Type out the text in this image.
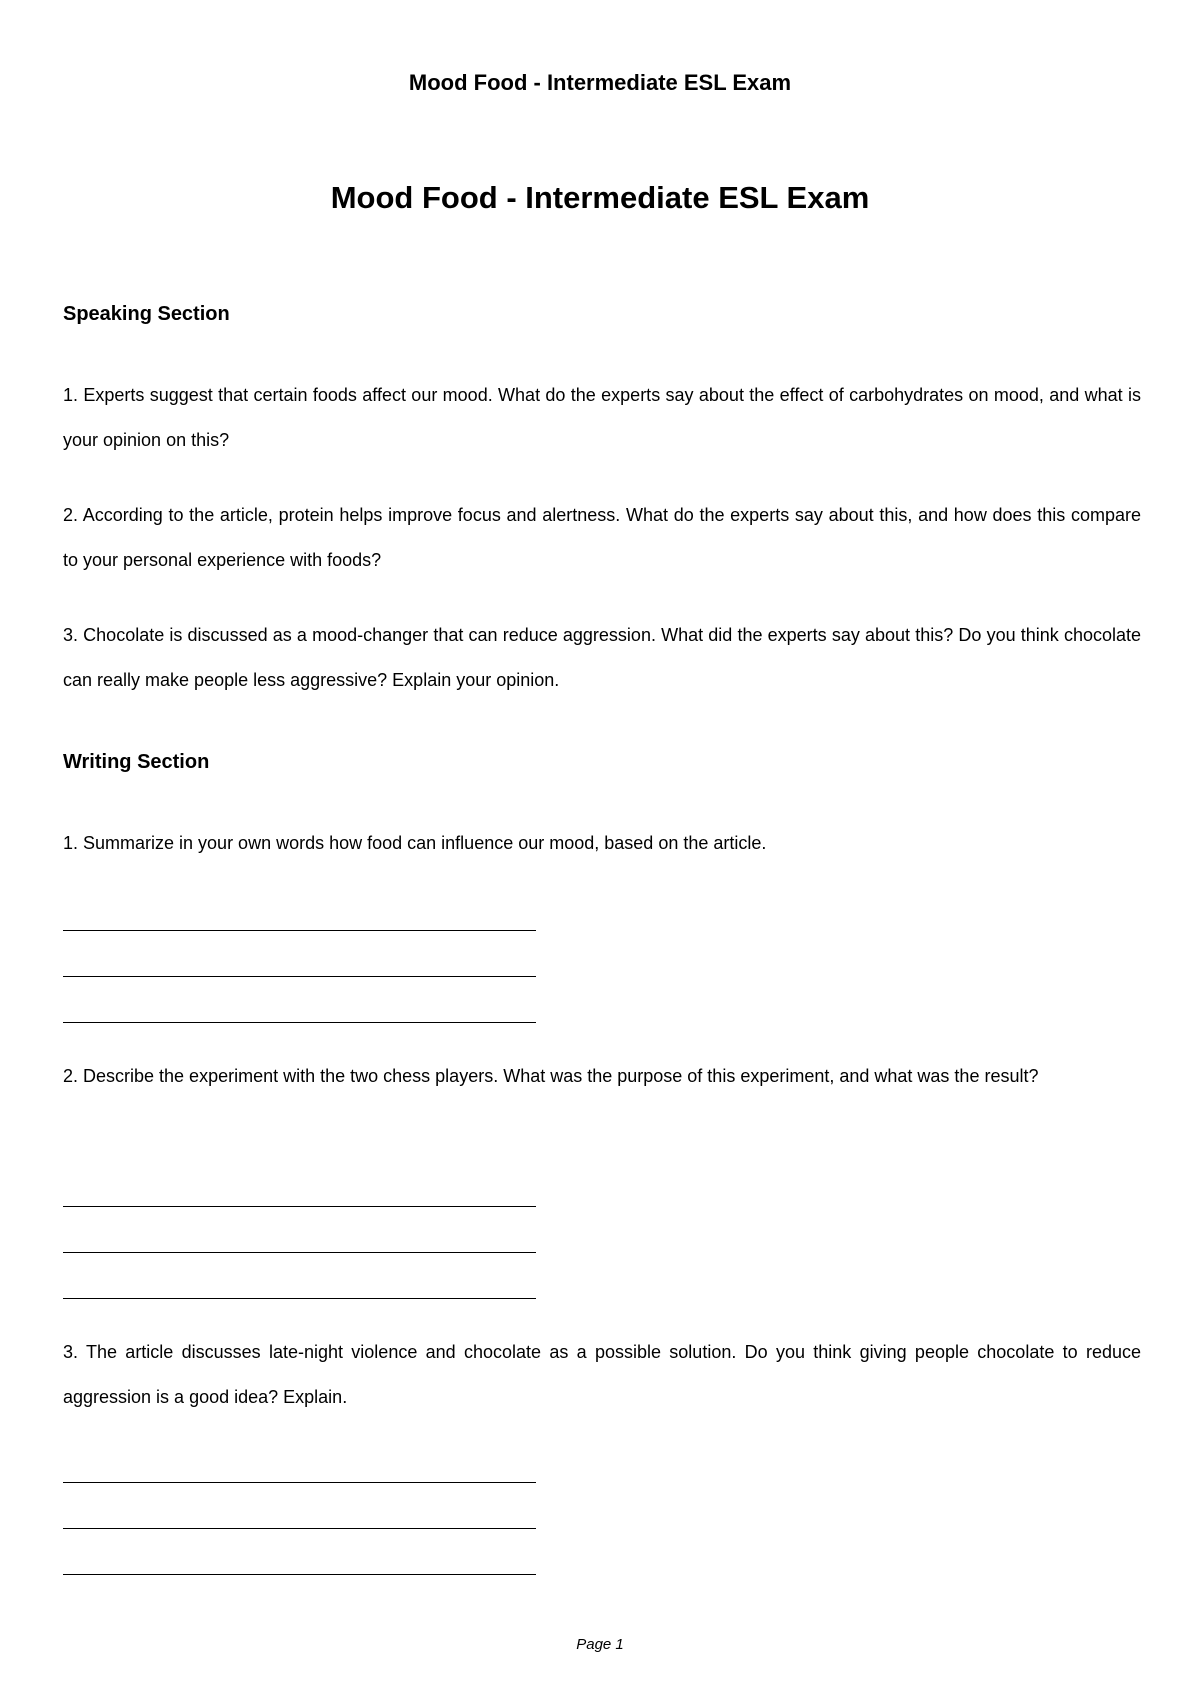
Mood Food - Intermediate ESL Exam
Mood Food - Intermediate ESL Exam
Speaking Section
1. Experts suggest that certain foods affect our mood. What do the experts say about the effect of carbohydrates on mood, and what is your opinion on this?
2. According to the article, protein helps improve focus and alertness. What do the experts say about this, and how does this compare to your personal experience with foods?
3. Chocolate is discussed as a mood-changer that can reduce aggression. What did the experts say about this? Do you think chocolate can really make people less aggressive? Explain your opinion.
Writing Section
1. Summarize in your own words how food can influence our mood, based on the article.
2. Describe the experiment with the two chess players. What was the purpose of this experiment, and what was the result?
3. The article discusses late-night violence and chocolate as a possible solution. Do you think giving people chocolate to reduce aggression is a good idea? Explain.
Page 1
